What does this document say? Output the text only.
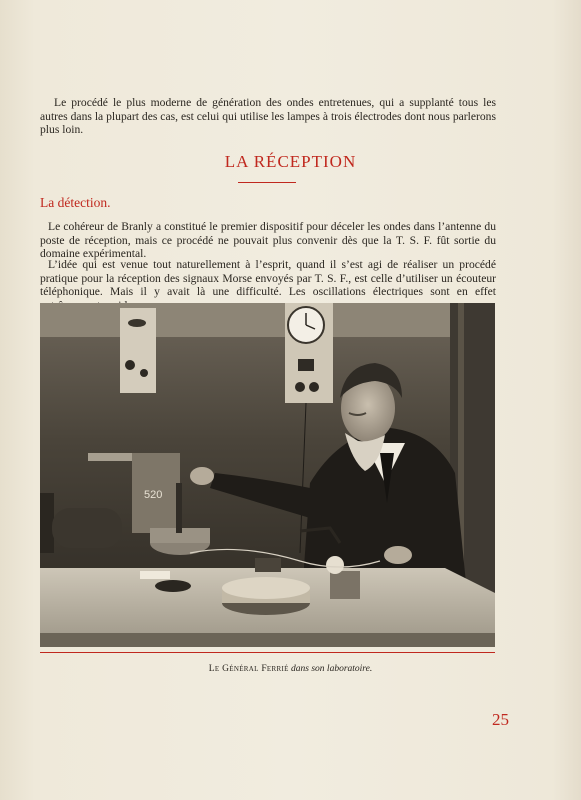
Le procédé le plus moderne de génération des ondes entretenues, qui a supplanté tous les autres dans la plupart des cas, est celui qui utilise les lampes à trois électrodes dont nous parlerons plus loin.

LA RÉCEPTION
La détection.

Le cohéreur de Branly a constitué le premier dispositif pour déceler les ondes dans l’antenne du poste de réception, mais ce procédé ne pouvait plus convenir dès que la T. S. F. fût sortie du domaine expérimental.

L’idée qui est venue tout naturellement à l’esprit, quand il s’est agi de réaliser un procédé pratique pour la réception des signaux Morse envoyés par T. S. F., est celle d’utiliser un écouteur téléphonique. Mais il y avait là une difficulté. Les oscillations électriques sont en effet

520
Le Général Ferrié dans son laboratoire.
25
